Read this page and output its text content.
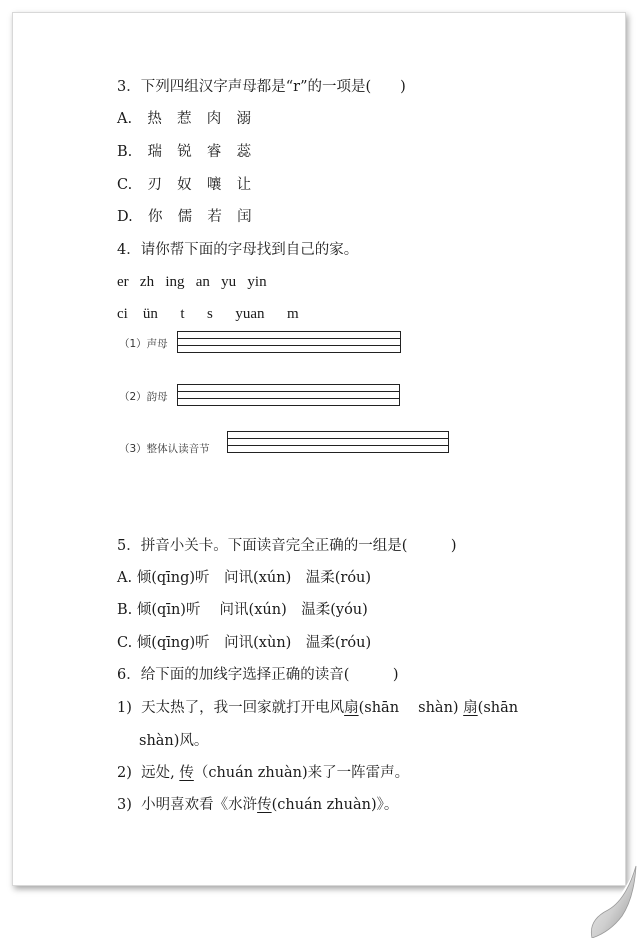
3．下列四组汉字声母都是“r”的一项是(　　)
A. 热 惹 肉 溺
B. 瑞 锐 睿 蕊
C. 刃 奴 嚷 让
D. 你 儒 若 闰
4．请你帮下面的字母找到自己的家。
er zh ing an yu yin
ci ün t s yuan m
（1）声母
（2）韵母
（3）整体认读音节
5．拼音小关卡。下面读音完全正确的一组是(　　　)
A. 倾(qīng)听　问讯(xún)　温柔(róu)
B. 倾(qīn)听　 问讯(xún)　温柔(yóu)
C. 倾(qīng)听　问讯(xùn)　温柔(róu)
6．给下面的加线字选择正确的读音(　　　)
1) 天太热了，我一回家就打开电风扇(shān　 shàn) 扇(shān
shàn)风。
2) 远处, 传（chuán zhuàn)来了一阵雷声。
3) 小明喜欢看《水浒传(chuán zhuàn)》。
